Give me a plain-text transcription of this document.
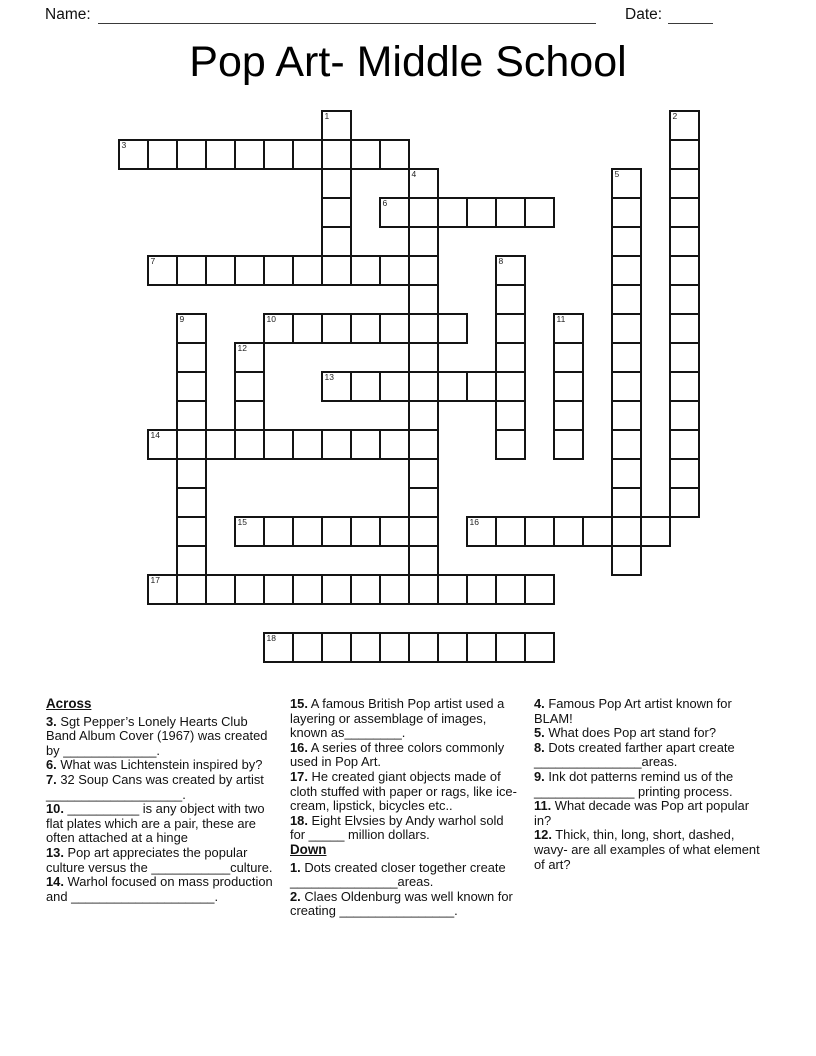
Name:	Date:
Pop Art- Middle School
3
6
7
10
13
14
15	16
17
18
1	2
4	5
8
9	11
12
Across

3. Sgt Pepper’s Lonely Hearts Club Band Album Cover (1967) was created by _____________.

6. What was Lichtenstein inspired by?

7. 32 Soup Cans was created by artist ___________________.

10. __________ is any object with two flat plates which are a pair, these are often attached at a hinge

13. Pop art appreciates the popular culture versus the ___________culture.

14. Warhol focused on mass production and ____________________.

15. A famous British Pop artist used a layering or assemblage of images, known as________.

16. A series of three colors commonly used in Pop Art.

17. He created giant objects made of cloth stuffed with paper or rags, like ice-cream, lipstick, bicycles etc..

18. Eight Elvsies by Andy warhol sold for _____ million dollars.

Down

1. Dots created closer together create _______________areas.

2. Claes Oldenburg was well known for creating ________________.

4. Famous Pop Art artist known for BLAM!

5. What does Pop art stand for?

8. Dots created farther apart create _______________areas.

9. Ink dot patterns remind us of the ______________ printing process.

11. What decade was Pop art popular in?

12. Thick, thin, long, short, dashed, wavy- are all examples of what element of art?
